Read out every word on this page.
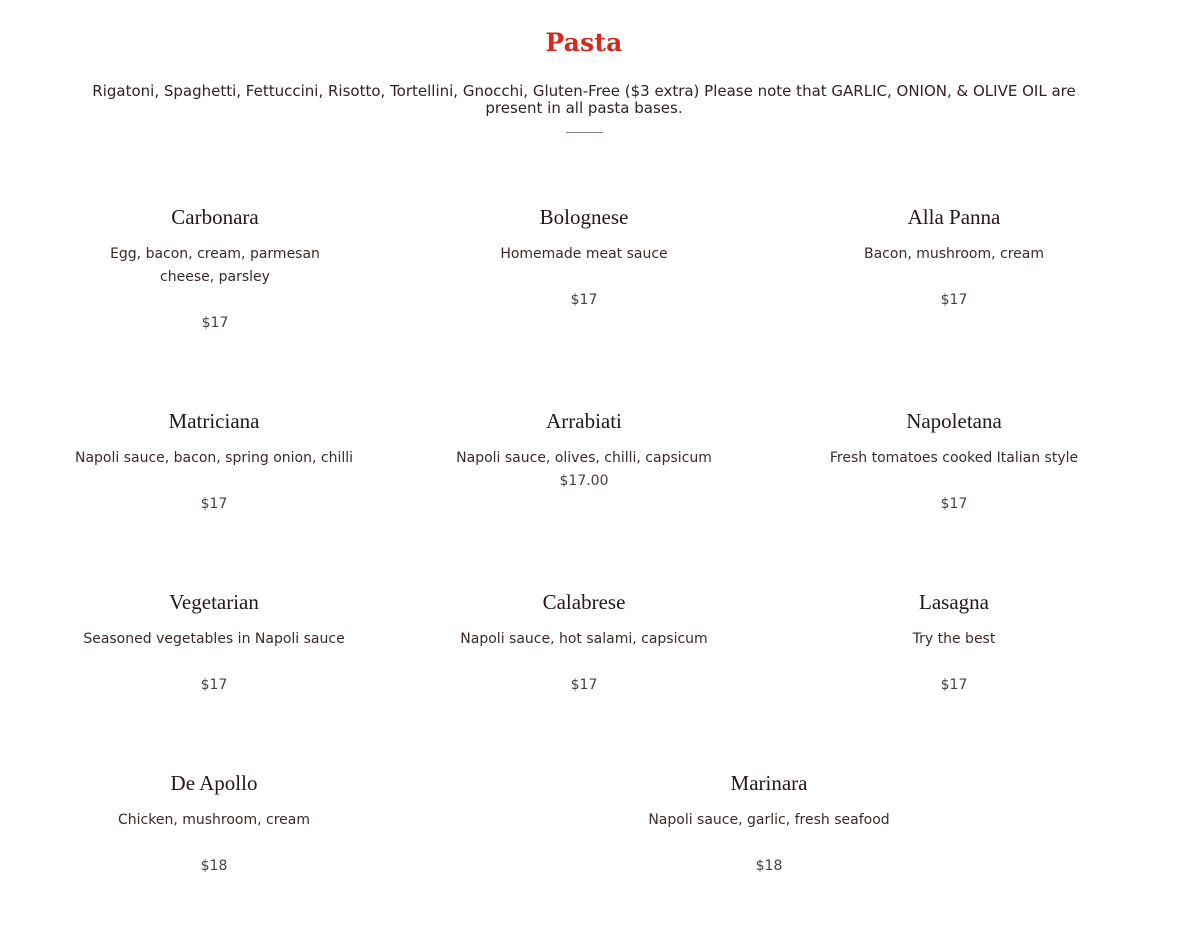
Pasta

Rigatoni, Spaghetti, Fettuccini, Risotto, Tortellini, Gnocchi, Gluten-Free ($3 extra) Please note that GARLIC, ONION, & OLIVE OIL are present in all pasta bases.

Carbonara
Egg, bacon, cream, parmesan cheese, parsley
$17
Bolognese
Homemade meat sauce
$17
Alla Panna
Bacon, mushroom, cream
$17
Matriciana
Napoli sauce, bacon, spring onion, chilli
$17
Arrabiati
Napoli sauce, olives, chilli, capsicum
$17.00
Napoletana
Fresh tomatoes cooked Italian style
$17
Vegetarian
Seasoned vegetables in Napoli sauce
$17
Calabrese
Napoli sauce, hot salami, capsicum
$17
Lasagna
Try the best
$17
De Apollo
Chicken, mushroom, cream
$18
Marinara
Napoli sauce, garlic, fresh seafood
$18
